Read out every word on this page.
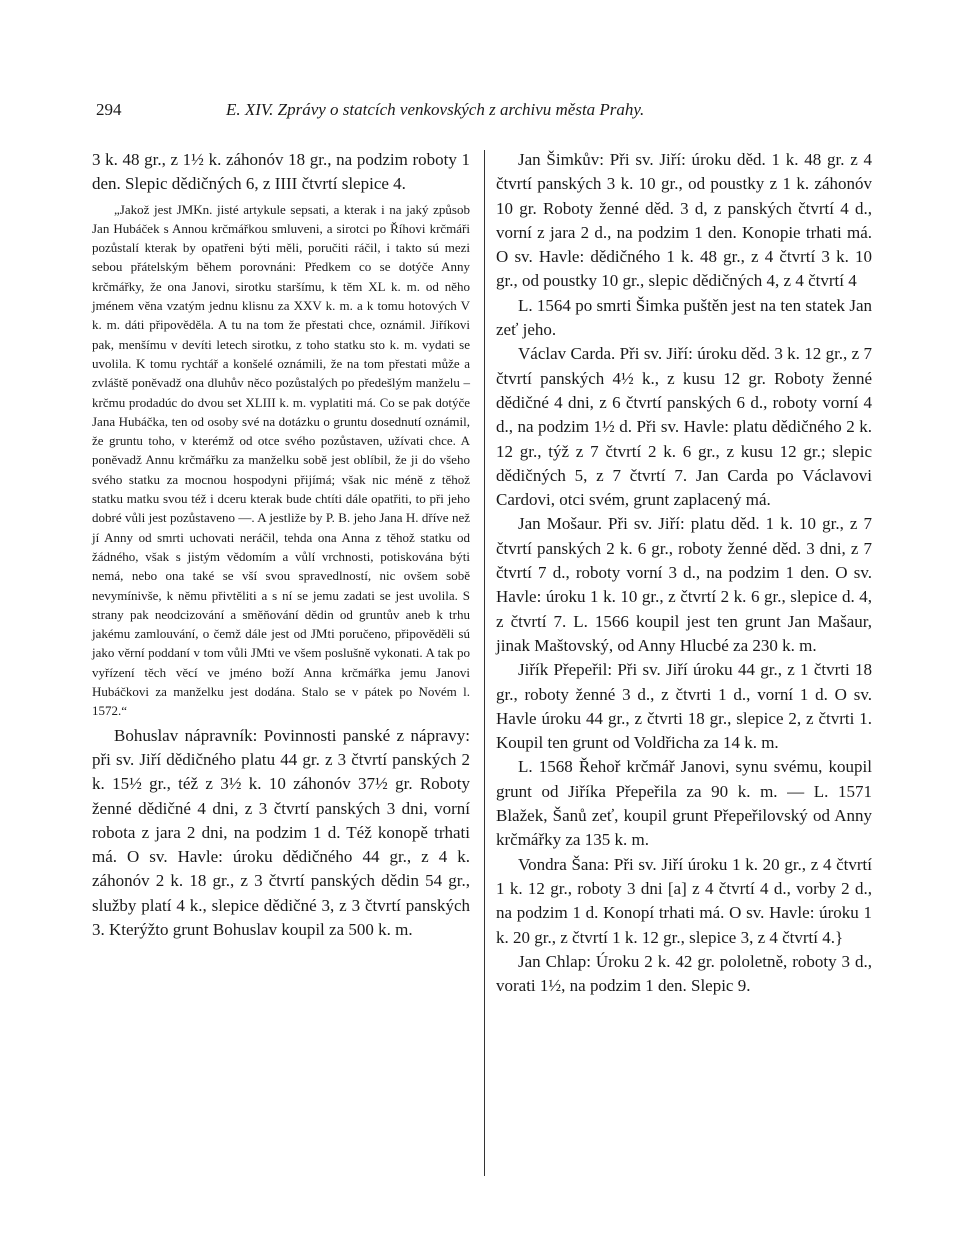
294	E. XIV. Zprávy o statcích venkovských z archivu města Prahy.

3 k. 48 gr., z 1½ k. záhonóv 18 gr., na podzim roboty 1 den. Slepic dědičných 6, z IIII čtvrtí slepice 4.

„Jakož jest JMKn. jisté artykule sepsati, a kterak i na jaký způsob Jan Hubáček s Annou krčmářkou smluveni, a sirotci po Říhovi krčmáři pozůstalí kterak by opatřeni býti měli, poručiti ráčil, i takto sú mezi sebou přátelským během porovnáni: Předkem co se dotýče Anny krčmářky, že ona Janovi, sirotku staršímu, k těm XL k. m. od něho jménem věna vzatým jednu klisnu za XXV k. m. a k tomu hotových V k. m. dáti připověděla. A tu na tom že přestati chce, oznámil. Jiříkovi pak, menšímu v devíti letech sirotku, z toho statku sto k. m. vydati se uvolila. K tomu rychtář a konšelé oznámili, že na tom přestati může a zvláště poněvadž ona dluhův něco pozůstalých po předešlým manželu – krčmu prodadúc do dvou set XLIII k. m. vyplatiti má. Co se pak dotýče Jana Hubáčka, ten od osoby své na dotázku o gruntu dosednutí oznámil, že gruntu toho, v kterémž od otce svého pozůstaven, užívati chce. A poněvadž Annu krčmářku za manželku sobě jest oblíbil, že ji do všeho svého statku za mocnou hospodyni přijímá; však nic méně z těhož statku matku svou též i dceru kterak bude chtíti dále opatřiti, to při jeho dobré vůli jest pozůstaveno —. A jestliže by P. B. jeho Jana H. dříve než jí Anny od smrti uchovati neráčil, tehda ona Anna z těhož statku od žádného, však s jistým vědomím a vůlí vrchnosti, potiskována býti nemá, nebo ona také se vší svou spravedlností, nic ovšem sobě nevymínivše, k němu přivtěliti a s ní se jemu zadati se jest uvolila. S strany pak neodcizování a směňování dědin od gruntův aneb k trhu jakému zamlouvání, o čemž dále jest od JMti poručeno, připověděli sú jako věrní poddaní v tom vůli JMti ve všem poslušně vykonati. A tak po vyřízení těch věcí ve jméno boží Anna krčmářka jemu Janovi Hubáčkovi za manželku jest dodána. Stalo se v pátek po Novém l. 1572.“

Bohuslav nápravník: Povinnosti panské z nápravy: při sv. Jiří dědičného platu 44 gr. z 3 čtvrtí panských 2 k. 15½ gr., též z 3½ k. 10 záhonóv 37½ gr. Roboty ženné dědičné 4 dni, z 3 čtvrtí panských 3 dni, vorní robota z jara 2 dni, na podzim 1 d. Též konopě trhati má. O sv. Havle: úroku dědičného 44 gr., z 4 k. záhonóv 2 k. 18 gr., z 3 čtvrtí panských dědin 54 gr., služby platí 4 k., slepice dědičné 3, z 3 čtvrtí panských 3. Kterýžto grunt Bohuslav koupil za 500 k. m.

Jan Šimkův: Při sv. Jiří: úroku děd. 1 k. 48 gr. z 4 čtvrtí panských 3 k. 10 gr., od poustky z 1 k. záhonóv 10 gr. Roboty ženné děd. 3 d, z panských čtvrtí 4 d., vorní z jara 2 d., na podzim 1 den. Konopie trhati má. O sv. Havle: dědičného 1 k. 48 gr., z 4 čtvrtí 3 k. 10 gr., od poustky 10 gr., slepic dědičných 4, z 4 čtvrtí 4

L. 1564 po smrti Šimka puštěn jest na ten statek Jan zeť jeho.

Václav Carda. Při sv. Jiří: úroku děd. 3 k. 12 gr., z 7 čtvrtí panských 4½ k., z kusu 12 gr. Roboty ženné dědičné 4 dni, z 6 čtvrtí panských 6 d., roboty vorní 4 d., na podzim 1½ d. Při sv. Havle: platu dědičného 2 k. 12 gr., týž z 7 čtvrtí 2 k. 6 gr., z kusu 12 gr.; slepic dědičných 5, z 7 čtvrtí 7. Jan Carda po Václavovi Cardovi, otci svém, grunt zaplacený má.

Jan Mošaur. Při sv. Jiří: platu děd. 1 k. 10 gr., z 7 čtvrtí panských 2 k. 6 gr., roboty ženné děd. 3 dni, z 7 čtvrtí 7 d., roboty vorní 3 d., na podzim 1 den. O sv. Havle: úroku 1 k. 10 gr., z čtvrtí 2 k. 6 gr., slepice d. 4, z čtvrtí 7. L. 1566 koupil jest ten grunt Jan Mašaur, jinak Maštovský, od Anny Hlucbé za 230 k. m.

Jiřík Přepeřil: Při sv. Jiří úroku 44 gr., z 1 čtvrti 18 gr., roboty ženné 3 d., z čtvrti 1 d., vorní 1 d. O sv. Havle úroku 44 gr., z čtvrti 18 gr., slepice 2, z čtvrti 1. Koupil ten grunt od Voldřicha za 14 k. m.

L. 1568 Řehoř krčmář Janovi, synu svému, koupil grunt od Jiříka Přepeřila za 90 k. m. — L. 1571 Blažek, Šanů zeť, koupil grunt Přepeřilovský od Anny krčmářky za 135 k. m.

Vondra Šana: Při sv. Jiří úroku 1 k. 20 gr., z 4 čtvrtí 1 k. 12 gr., roboty 3 dni [a] z 4 čtvrtí 4 d., vorby 2 d., na podzim 1 d. Konopí trhati má. O sv. Havle: úroku 1 k. 20 gr., z čtvrtí 1 k. 12 gr., slepice 3, z 4 čtvrtí 4.}

Jan Chlap: Úroku 2 k. 42 gr. pololetně, roboty 3 d., vorati 1½, na podzim 1 den. Slepic 9.
